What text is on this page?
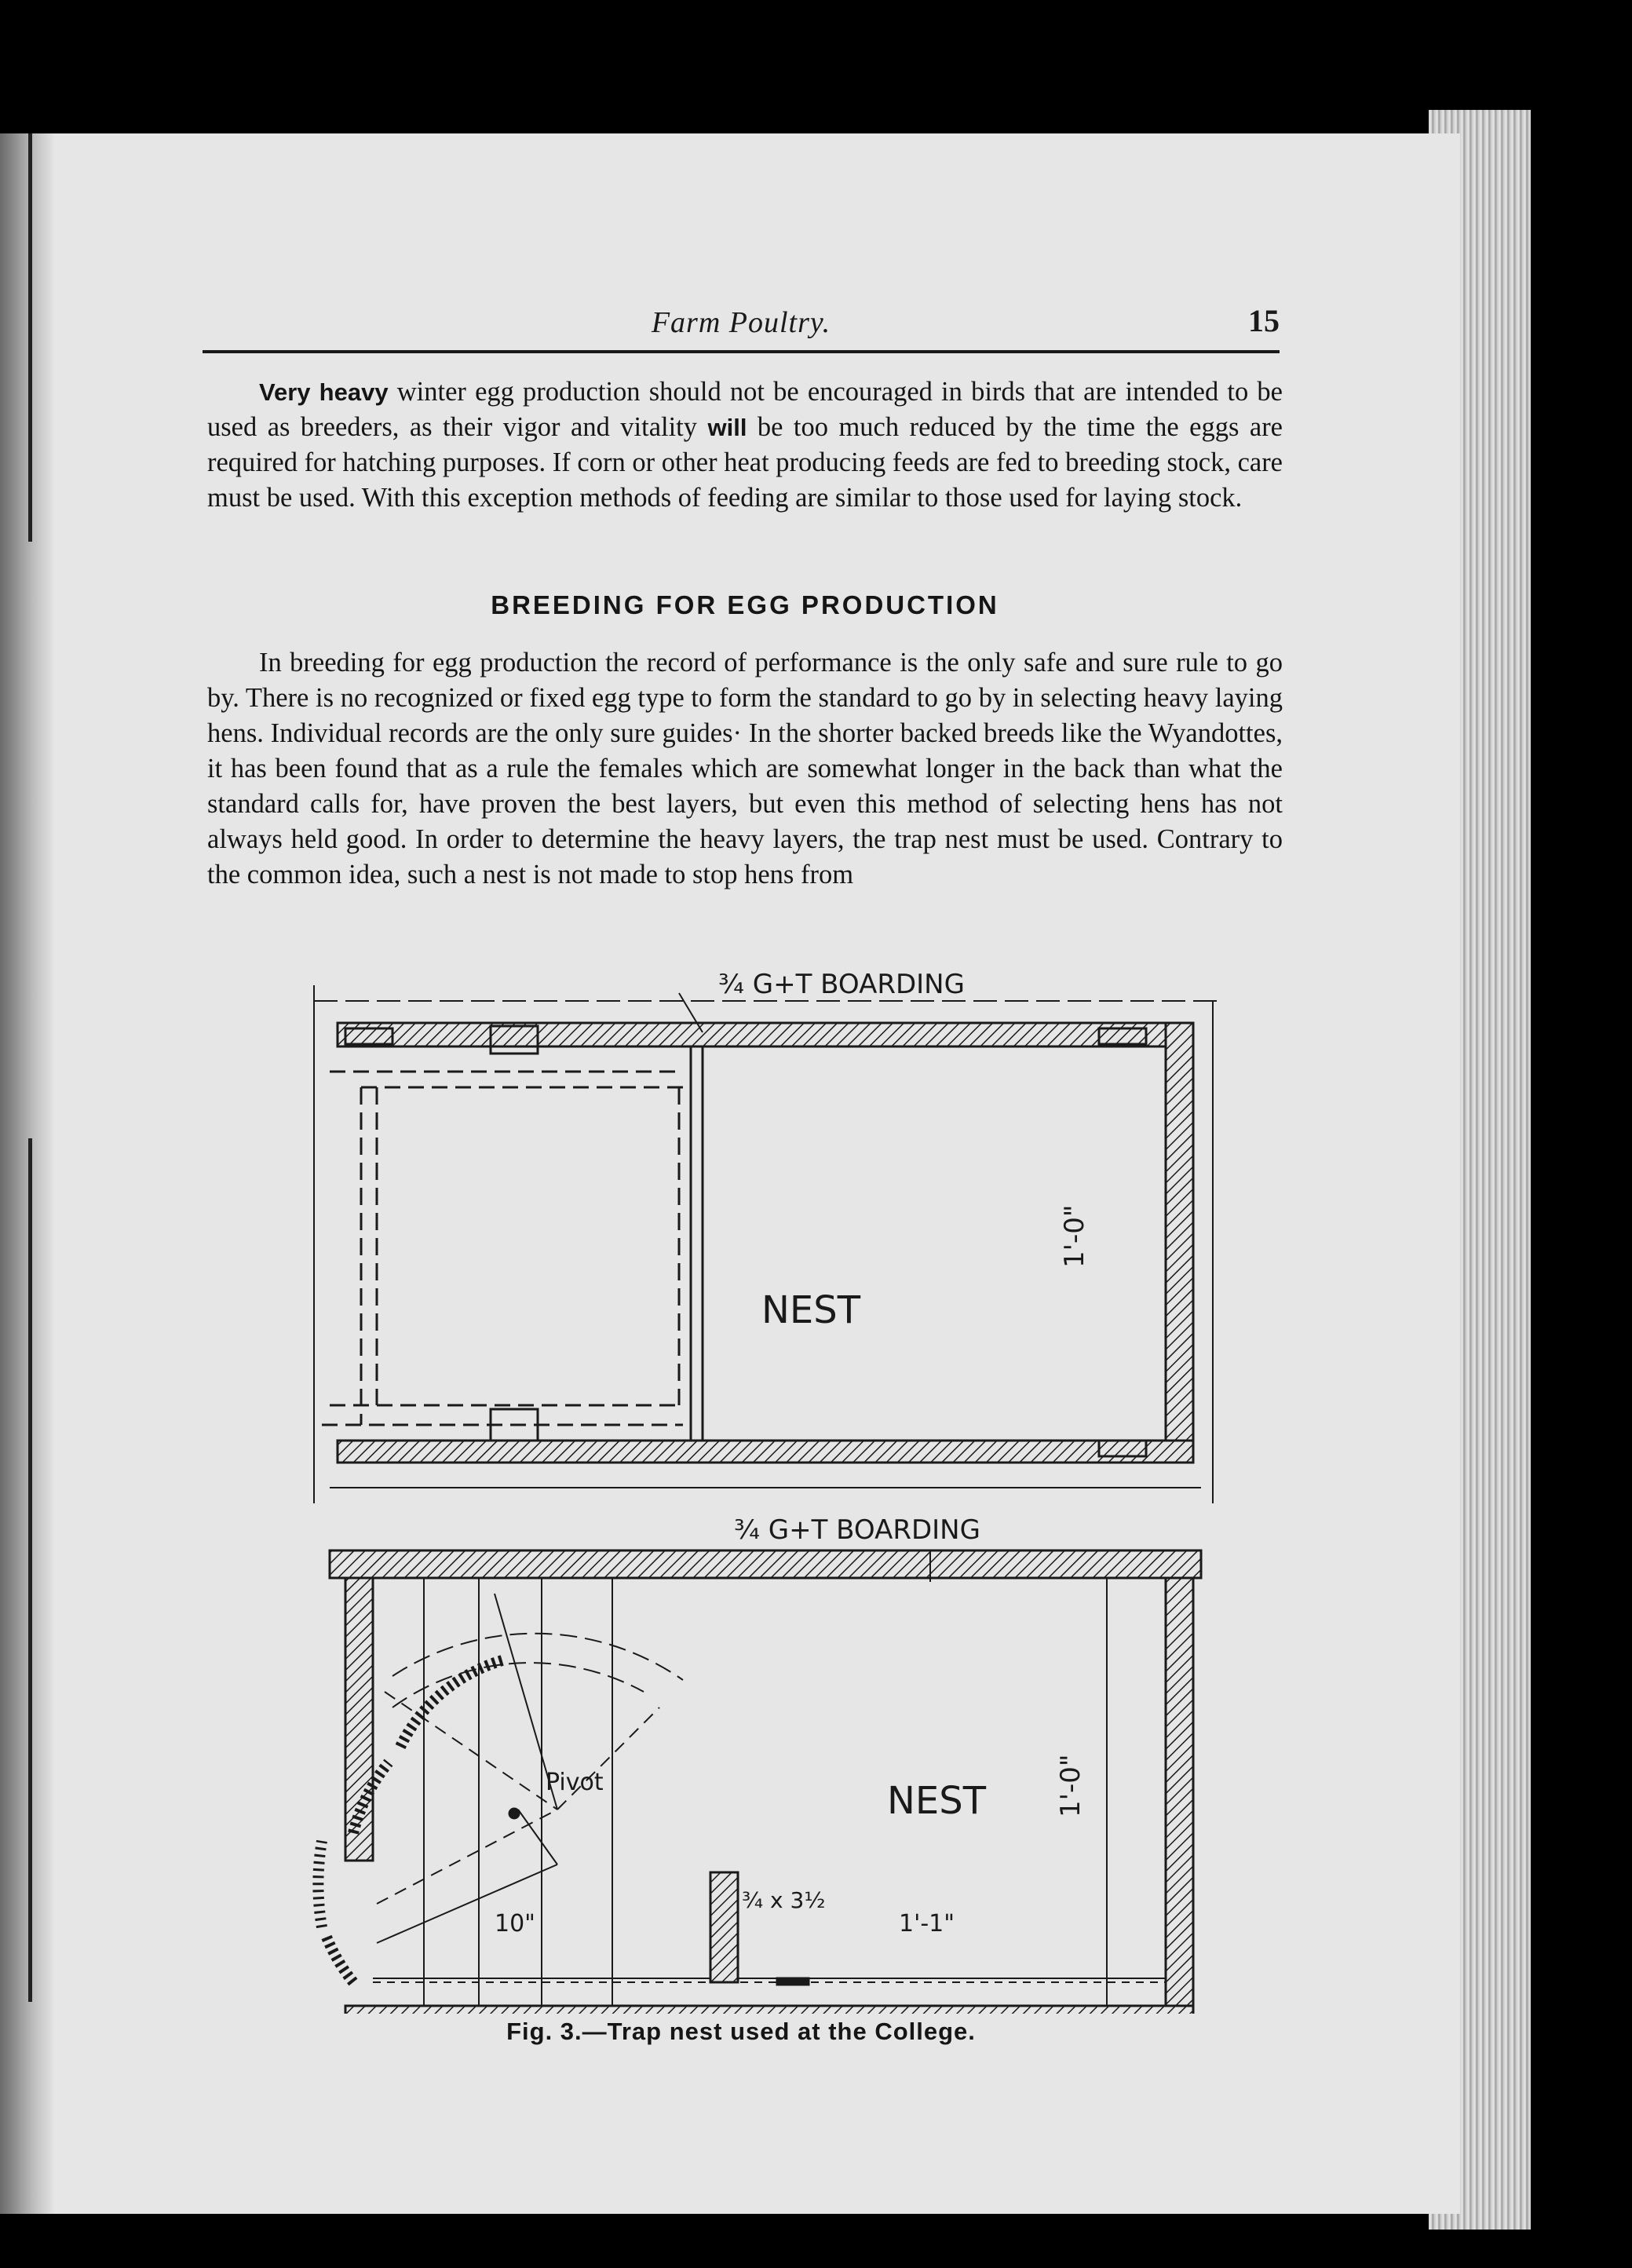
Farm Poultry.	15

Very heavy winter egg production should not be encouraged in birds that are intended to be used as breeders, as their vigor and vitality will be too much reduced by the time the eggs are required for hatching purposes. If corn or other heat producing feeds are fed to breeding stock, care must be used. With this exception methods of feeding are similar to those used for laying stock.

BREEDING FOR EGG PRODUCTION

In breeding for egg production the record of performance is the only safe and sure rule to go by. There is no recognized or fixed egg type to form the standard to go by in selecting heavy laying hens. Individual records are the only sure guides· In the shorter backed breeds like the Wyandottes, it has been found that as a rule the females which are somewhat longer in the back than what the standard calls for, have proven the best layers, but even this method of selecting hens has not always held good. In order to determine the heavy layers, the trap nest must be used. Contrary to the common idea, such a nest is not made to stop hens from

NEST
1'-0"
¾ G+T BOARDING
Pivot	NEST	1'-0"
10"	1'-1"
¾ x 3½
¾ G+T BOARDING
Fig. 3.—Trap nest used at the College.
